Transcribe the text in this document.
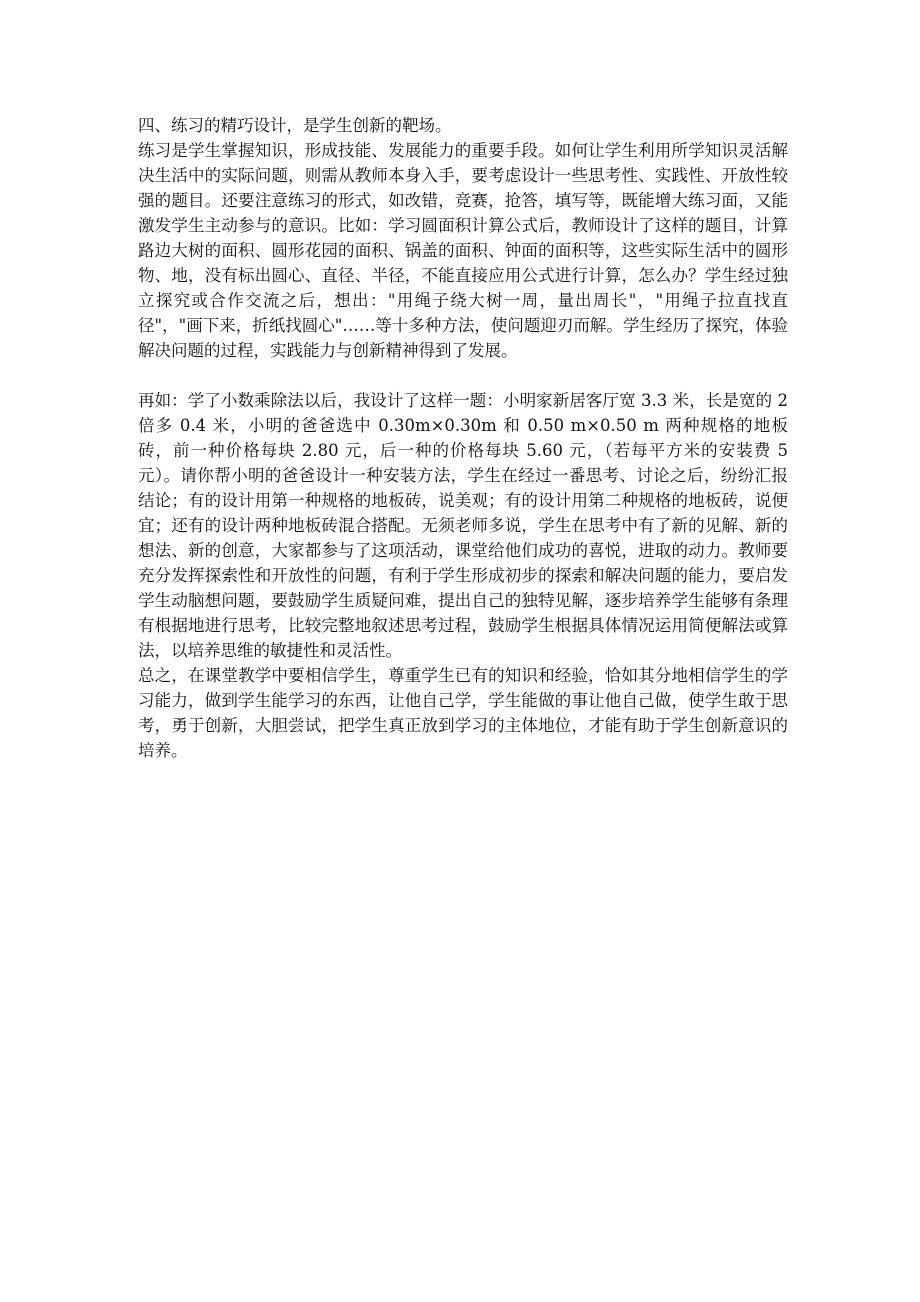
四、练习的精巧设计，是学生创新的靶场。

练习是学生掌握知识，形成技能、发展能力的重要手段。如何让学生利用所学知识灵活解决生活中的实际问题，则需从教师本身入手，要考虑设计一些思考性、实践性、开放性较强的题目。还要注意练习的形式，如改错，竞赛，抢答，填写等，既能增大练习面，又能激发学生主动参与的意识。比如：学习圆面积计算公式后，教师设计了这样的题目，计算路边大树的面积、圆形花园的面积、锅盖的面积、钟面的面积等，这些实际生活中的圆形物、地，没有标出圆心、直径、半径，不能直接应用公式进行计算，怎么办？学生经过独立探究或合作交流之后，想出："用绳子绕大树一周，量出周长"，"用绳子拉直找直径"，"画下来，折纸找圆心"……等十多种方法，使问题迎刃而解。学生经历了探究，体验解决问题的过程，实践能力与创新精神得到了发展。

再如：学了小数乘除法以后，我设计了这样一题：小明家新居客厅宽 3.3 米，长是宽的 2 倍多 0.4 米，小明的爸爸选中 0.30m×0.30m 和 0.50 m×0.50 m 两种规格的地板砖，前一种价格每块 2.80 元，后一种的价格每块 5.60 元，（若每平方米的安装费 5 元）。请你帮小明的爸爸设计一种安装方法，学生在经过一番思考、讨论之后，纷纷汇报结论；有的设计用第一种规格的地板砖，说美观；有的设计用第二种规格的地板砖，说便宜；还有的设计两种地板砖混合搭配。无须老师多说，学生在思考中有了新的见解、新的想法、新的创意，大家都参与了这项活动，课堂给他们成功的喜悦，进取的动力。教师要充分发挥探索性和开放性的问题，有利于学生形成初步的探索和解决问题的能力，要启发学生动脑想问题，要鼓励学生质疑问难，提出自己的独特见解，逐步培养学生能够有条理有根据地进行思考，比较完整地叙述思考过程，鼓励学生根据具体情况运用简便解法或算法，以培养思维的敏捷性和灵活性。

总之，在课堂教学中要相信学生，尊重学生已有的知识和经验，恰如其分地相信学生的学习能力，做到学生能学习的东西，让他自己学，学生能做的事让他自己做，使学生敢于思考，勇于创新，大胆尝试，把学生真正放到学习的主体地位，才能有助于学生创新意识的培养。
